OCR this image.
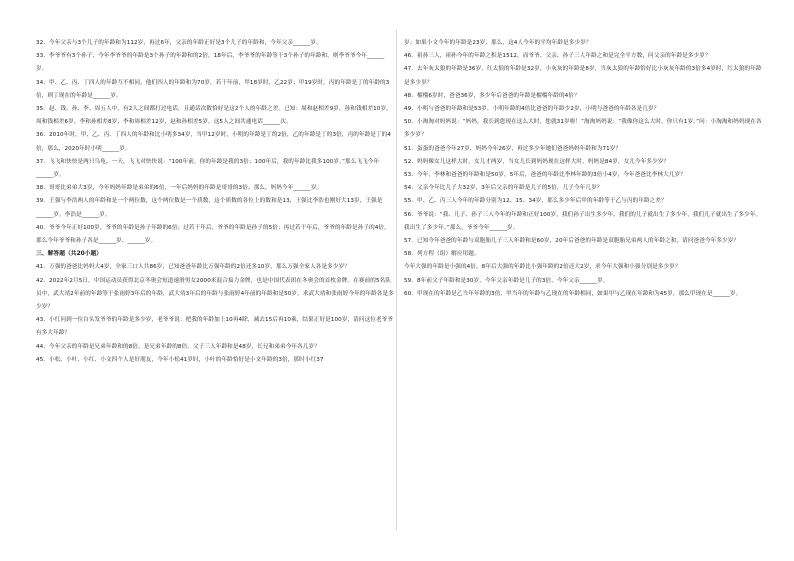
32．今年父亲与3个儿子的年龄和为112岁，再过6年，父亲的年龄正好是3个儿子的年龄和，今年父亲______岁。
33．李爷爷有3个孙子，今年李爷爷的年龄是3个孙子的年龄和的2倍，18年后，李爷爷的年龄等于3个孙子的年龄和，则李爷爷今年______岁。
34．甲、乙、丙、丁四人的年龄互不相同，他们四人的年龄和为70岁，若干年前，甲18岁时，乙22岁；甲19岁时，丙的年龄是丁的年龄的3倍，则丁现在的年龄是______岁。
35．赵、钱、孙、李、周五人中，有2人之间都打过电话，且通话次数恰好是这2个人的年龄之差。已知：周和赵相差9岁，孙和钱相差10岁，周和钱相差6岁，李和孙相差8岁，李和周相差12岁，赵和孙相差5岁，这5人之间共通电话______次。
36．2010年时，甲、乙、丙、丁四人的年龄和比小明多34岁，当甲12岁时，小明的年龄是丁的2倍，乙的年龄是丁的3倍，丙的年龄是丁的4倍，那么，2020年时小明______岁。
37．飞飞和快快是两只乌龟，一天，飞飞对快快说：“100年前，你的年龄是我的3倍；100年后，我的年龄比我多100岁。”那么飞飞今年______岁。
38．哥哥比弟弟大3岁，今年妈妈年龄是弟弟的6倍，一年后妈妈的年龄是哥哥的3倍。那么，妈妈今年______岁。
39．王强与李浩两人的年龄和是一个两位数，这个两位数是一个质数，这个质数的各位上的数和是13，王强比李浩也刚好大13岁，王强是______岁，李浩是______岁。
40．爷爷今年正好100岁，爷爷的年龄是孙子年龄的6倍；过若干年后，爷爷的年龄是孙子的5倍；再过若干年后，爷爷的年龄是孙子的4倍，那么今年爷爷和孙子各是______岁、______岁。
三、解答题（共20小题）
41．万强的爸爸比妈妈大4岁，全家三口人共86岁，已知爸爸年龄比万强年龄的2倍还多10岁，那么万强全家人各是多少岁？
42．2022年2月5日，中国运动员获得北京冬奥会短道速滑男女2000米混合接力金牌，也是中国代表团在冬奥会的首枚金牌。在赛前的5名队员中，武大靖2年前的年龄等于张雨婷3年后的年龄，武大靖3年后的年龄与张雨婷4年前的年龄和是50岁，求武大靖和张雨婷今年的年龄各是多少岁？
43．小红问到一位白头发爷爷的年龄是多少岁，老爷爷说：把我的年龄加上10再4除，减去15后再10乘，结果正好是100岁，请问这位老爷爷有多大年龄？
44．今年父亲的年龄是兄弟年龄和的8倍，是兄弟年龄的8倍，父子三人年龄和是48岁，长兄和弟弟今年各几岁？
45．小松、小叶、小红、小文四个人是好朋友，今年小松41岁时，小叶的年龄恰好是小文年龄的3倍，那时小红37
岁；如果小文今年的年龄是23岁，那么，这4人今年的平均年龄是多少岁？
46．祖孙三人，祖孙今年的年龄之积是1512，而爷爷、父亲、孙子三人年龄之和是完全平方数，问父亲的年龄是多少岁？
47．去年灰太狼的年龄是36岁，红太狼的年龄是32岁，小灰灰的年龄是8岁，当灰太狼的年龄恰好比小灰灰年龄的3倍多4岁时，红太狼的年龄是多少岁？
48．榴榴6岁时，爸爸36岁，多少年后爸爸的年龄是榴榴年龄的4倍？
49．小明与爸爸的年龄和是53岁，小明年龄的4倍比爸爸的年龄少2岁，小明与爸爸的年龄各是几岁？
50．小淘淘对妈妈说：“妈妈，我长到您现在这么大时，您就31岁啦！”淘淘妈妈说：“我像你这么大时，你只有1岁。”问：小淘淘和妈妈现在各多少岁？
51．蛋蛋的爸爸今年27岁，妈妈今年26岁，再过多少年她们爸爸妈妈年龄和为71岁？
52．妈妈像女儿这样大时，女儿才两岁，当女儿长到妈妈现在这样大时，妈妈是84岁，女儿今年多少岁？
53．今年，李林和爸爸的年龄和是50岁，5年后，爸爸的年龄比李林年龄的3倍小4岁，今年爸爸比李林大几岁？
54．父亲今年比儿子大32岁，3年后父亲的年龄是儿子的5倍，儿子今年几岁？
55．甲、乙、丙三人今年的年龄分别为12、15、34岁，那么多少年后甲的年龄等于乙与丙的年龄之差？
56．爷爷说：“我、儿子、孙子三人今年的年龄和正好100岁，我们孙子出生多少年，我们的儿子就出生了多少年，我们儿子就出生了多少年。我出生了多少年。”那么，爷爷今年______岁。
57．已知今年爸爸的年龄与双胞胎儿子三人年龄和是60岁，20年后爸爸的年龄是双胞胎兄弟两人的年龄之和，请问爸爸今年多少岁？
58．列方程（组）解应用题。
今年大强的年龄是小强的4倍，8年后大强的年龄比小强年龄的2倍还大2岁，求今年大强和小强分别是多少岁？
59．8年前父子年龄和是30岁，今年父亲年龄是儿子的3倍，今年父亲______岁。
60．甲现在的年龄是乙当年年龄的3倍，甲当年的年龄与乙现在的年龄相同，如果甲与乙现在年龄和为45岁，那么甲现在是______岁。
